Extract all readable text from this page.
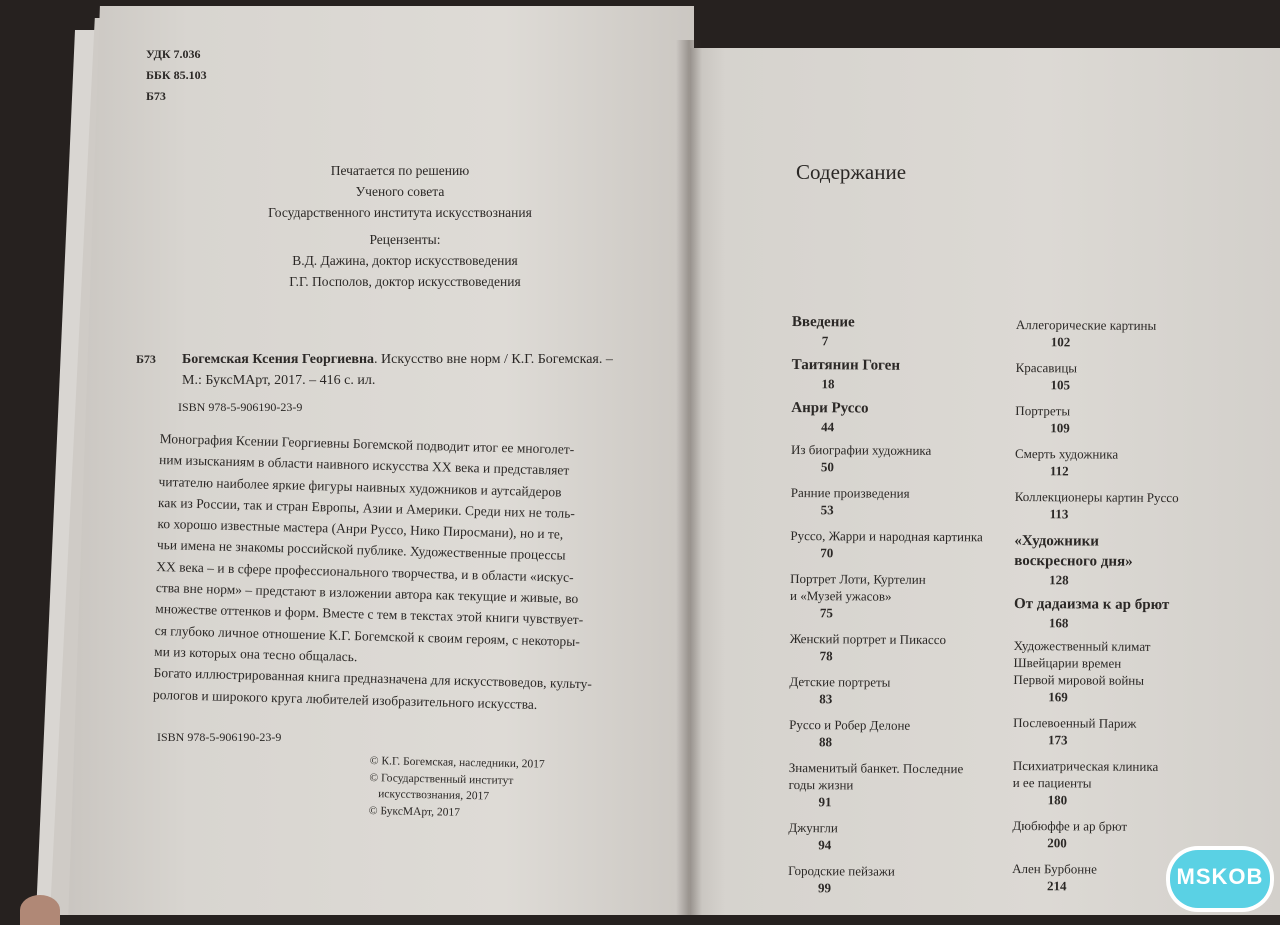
УДК 7.036
ББК 85.103
Б73
Печатается по решению
Ученого совета
Государственного института искусствознания
Рецензенты:
В.Д. Дажина, доктор искусствоведения
Г.Г. Посполов, доктор искусствоведения
Б73 Богемская Ксения Георгиевна. Искусство вне норм / К.Г. Богемская. –
М.: БуксМАрт, 2017. – 416 с. ил.
ISBN 978-5-906190-23-9
Монография Ксении Георгиевны Богемской подводит итог ее многолет-
ним изысканиям в области наивного искусства XX века и представляет
читателю наиболее яркие фигуры наивных художников и аутсайдеров
как из России, так и стран Европы, Азии и Америки. Среди них не толь-
ко хорошо известные мастера (Анри Руссо, Нико Пиросмани), но и те,
чьи имена не знакомы российской публике. Художественные процессы
XX века – и в сфере профессионального творчества, и в области «искус-
ства вне норм» – предстают в изложении автора как текущие и живые, во
множестве оттенков и форм. Вместе с тем в текстах этой книги чувствует-
ся глубоко личное отношение К.Г. Богемской к своим героям, с некоторы-
ми из которых она тесно общалась.
Богато иллюстрированная книга предназначена для искусствоведов, культу-
рологов и широкого круга любителей изобразительного искусства.
ISBN 978-5-906190-23-9
© К.Г. Богемская, наследники, 2017
© Государственный институт
искусствознания, 2017
© БуксМАрт, 2017
Содержание
Введение
7
Таитянин Гоген
18
Анри Руссо
44
Из биографии художника
50
Ранние произведения
53
Руссо, Жарри и народная картинка
70
Портрет Лоти, Куртелин
и «Музей ужасов»
75
Женский портрет и Пикассо
78
Детские портреты
83
Руссо и Робер Делоне
88
Знаменитый банкет. Последние
годы жизни
91
Джунгли
94
Городские пейзажи
99
Аллегорические картины
102
Красавицы
105
Портреты
109
Смерть художника
112
Коллекционеры картин Руссо
113
«Художники
воскресного дня»
128
От дадаизма к ар брют
168
Художественный климат
Швейцарии времен
Первой мировой войны
169
Послевоенный Париж
173
Психиатрическая клиника
и ее пациенты
180
Дюбюффе и ар брют
200
Ален Бурбонне
214	MSKOB
